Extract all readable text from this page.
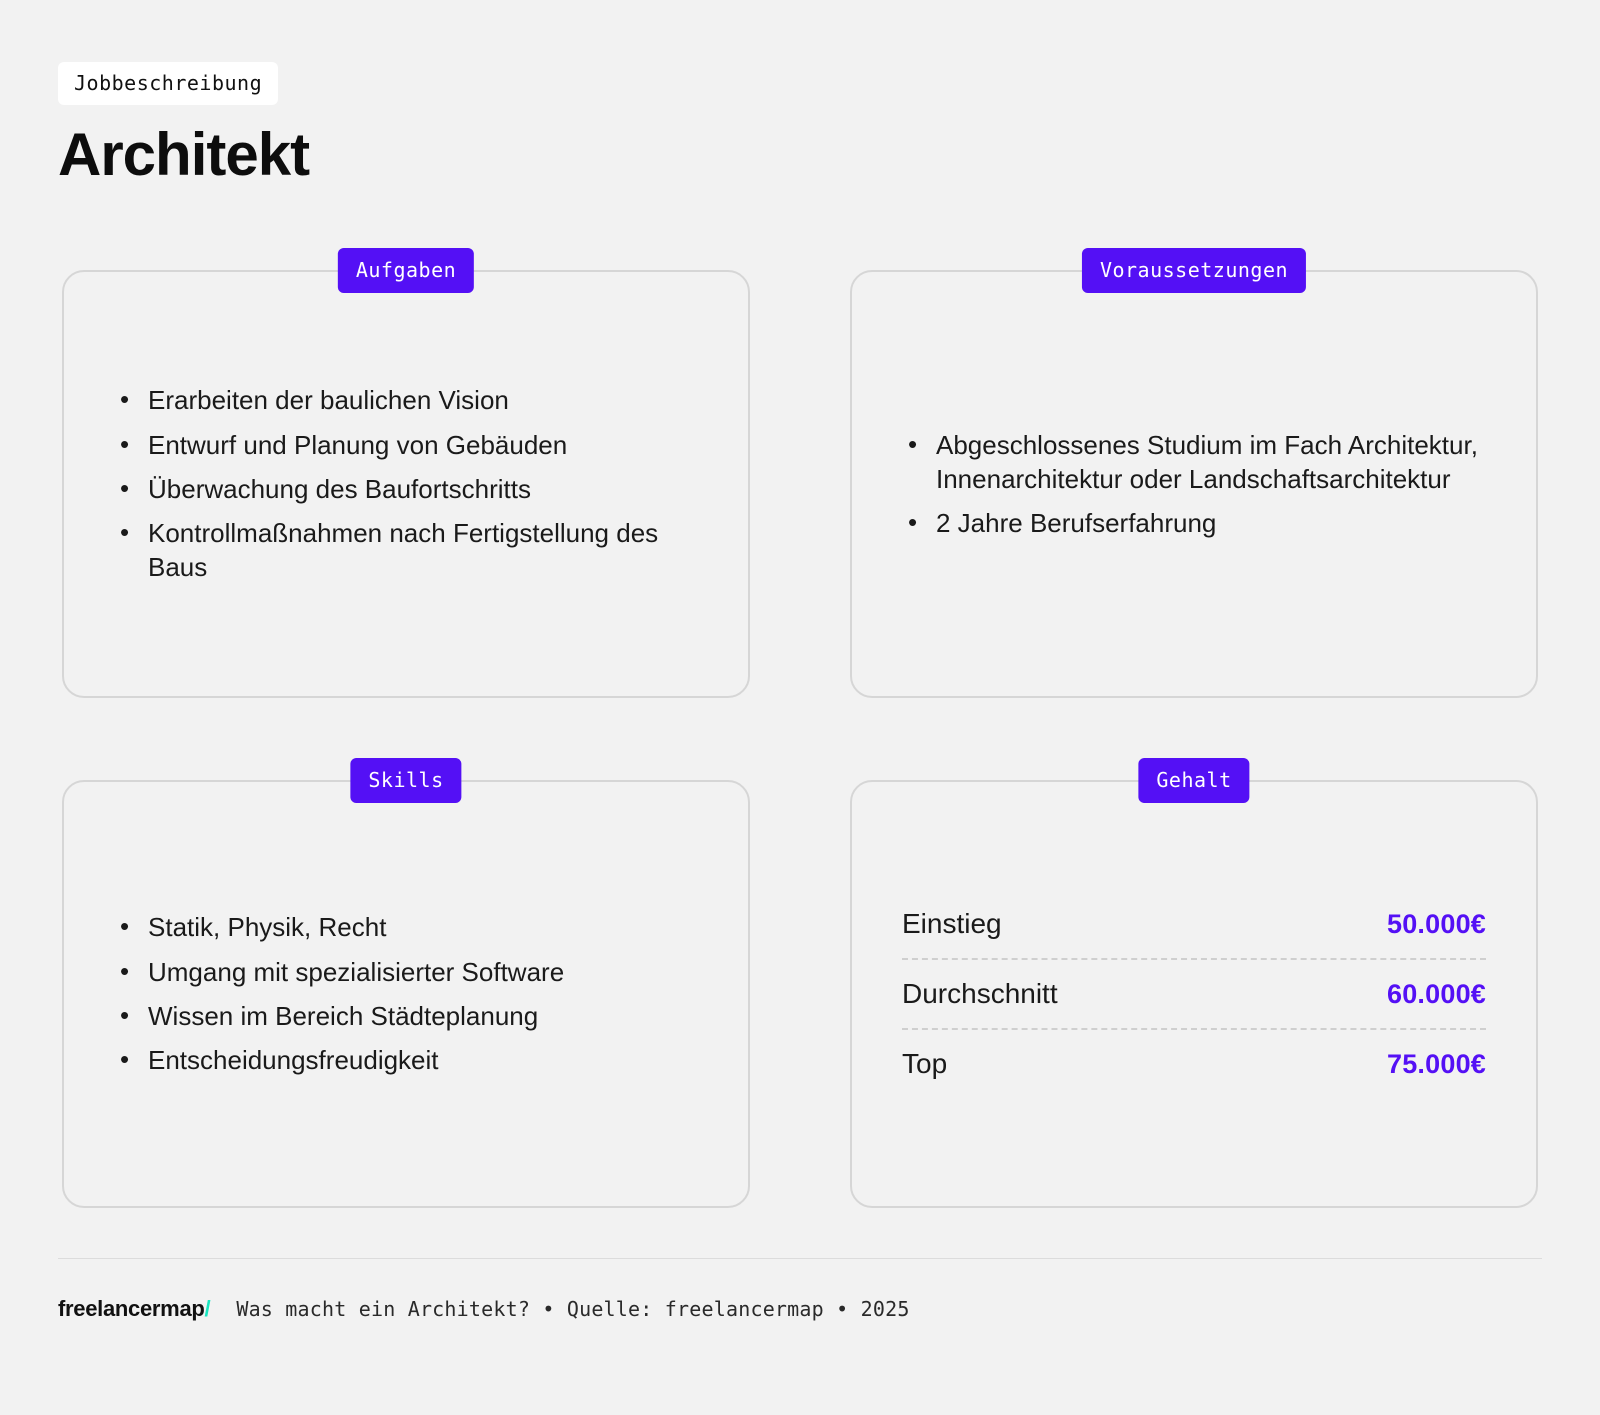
Jobbeschreibung
Architekt
Aufgaben
• Erarbeiten der baulichen Vision
• Entwurf und Planung von Gebäuden
• Überwachung des Baufortschritts
• Kontrollmaßnahmen nach Fertigstellung des Baus
Voraussetzungen
• Abgeschlossenes Studium im Fach Architektur, Innenarchitektur oder Landschaftsarchitektur
• 2 Jahre Berufserfahrung
Skills
• Statik, Physik, Recht
• Umgang mit spezialisierter Software
• Wissen im Bereich Städteplanung
• Entscheidungsfreudigkeit
Gehalt
Einstieg	50.000€
Durchschnitt	60.000€
Top	75.000€
freelancermap/ Was macht ein Architekt? • Quelle: freelancermap • 2025
